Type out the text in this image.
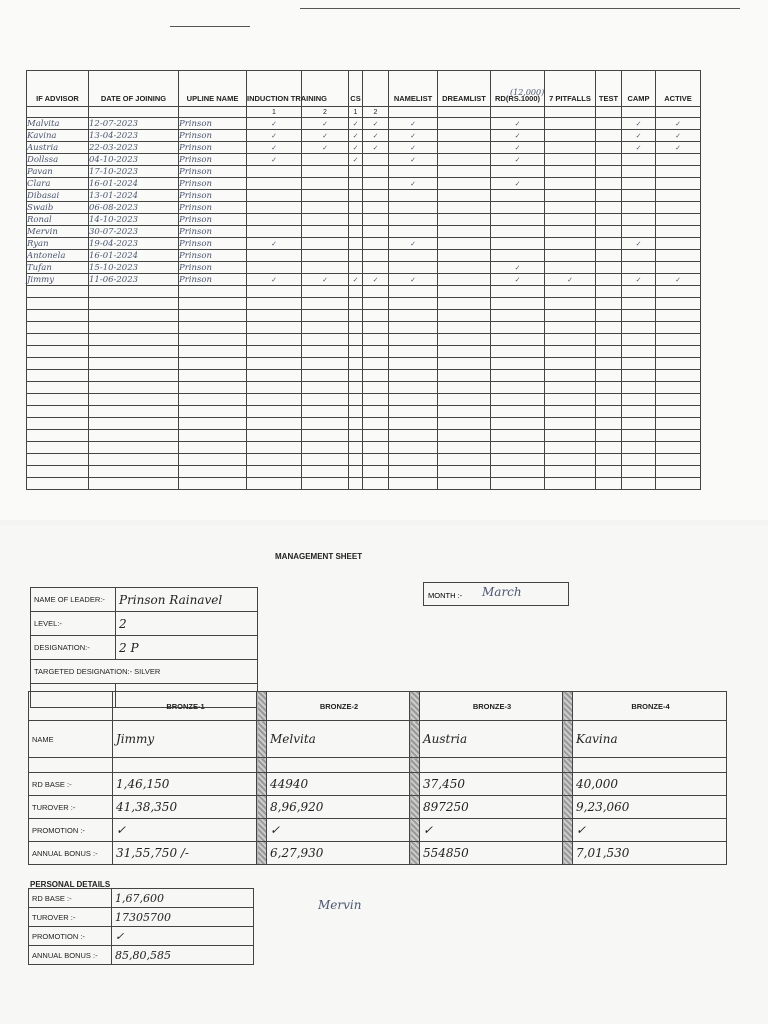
(12,000)
IF ADVISOR	DATE OF JOINING	UPLINE NAME	INDUCTION TRAINING		CS		NAMELIST	DREAMLIST	RD(RS.1000)	7 PITFALLS	TEST	CAMP	ACTIVE
			1	2	1	2							
Malvita	12-07-2023	Prinson	✓	✓	✓	✓	✓		✓			✓	✓
Kavina	13-04-2023	Prinson	✓	✓	✓	✓	✓		✓			✓	✓
Austria	22-03-2023	Prinson	✓	✓	✓	✓	✓		✓			✓	✓
Dollssa	04-10-2023	Prinson	✓		✓		✓		✓				
Pavan	17-10-2023	Prinson											
Clara	16-01-2024	Prinson					✓		✓				
Dibasai	13-01-2024	Prinson											
Swaib	06-08-2023	Prinson											
Ronal	14-10-2023	Prinson											
Mervin	30-07-2023	Prinson											
Ryan	19-04-2023	Prinson	✓				✓					✓	
Antonela	16-01-2024	Prinson											
Tufan	15-10-2023	Prinson							✓				
Jimmy	11-06-2023	Prinson	✓	✓	✓	✓	✓		✓	✓		✓	✓

MANAGEMENT SHEET
NAME OF LEADER:-	Prinson Rainavel
LEVEL:-	2
DESIGNATION:-	2 P
TARGETED DESIGNATION:- SILVER	

MONTH :- March
	BRONZE-1		BRONZE-2		BRONZE-3		BRONZE-4
NAME	Jimmy		Melvita		Austria		Kavina

RD BASE :-	1,46,150		44940		37,450		40,000
TUROVER :-	41,38,350		8,96,920		897250		9,23,060
PROMOTION :-	✓		✓		✓		✓
ANNUAL BONUS :-	31,55,750 /-		6,27,930		554850		7,01,530
PERSONAL DETAILS
RD BASE :-	1,67,600
TUROVER :-	17305700
PROMOTION :-	✓
ANNUAL BONUS :-	85,80,585
Mervin
